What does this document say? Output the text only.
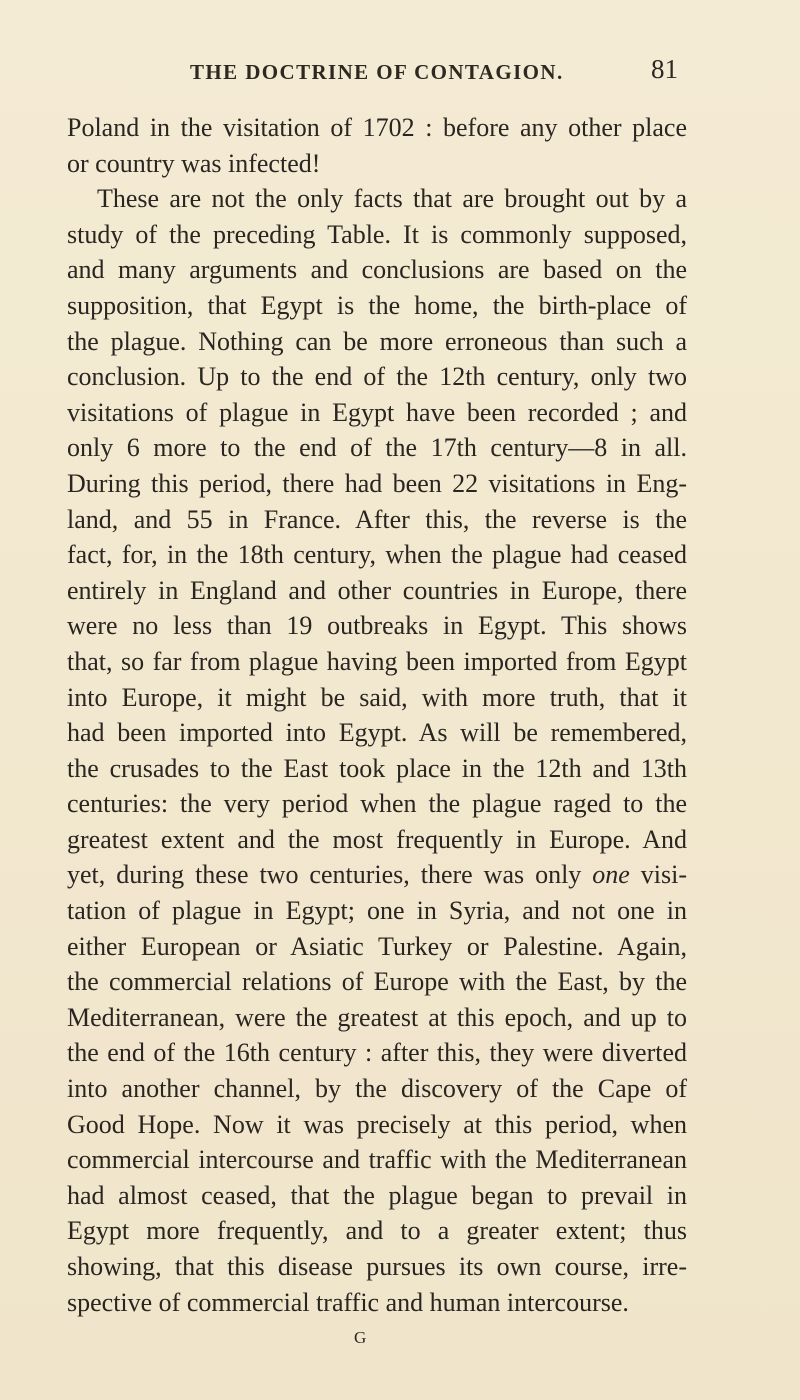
THE DOCTRINE OF CONTAGION.	81
Poland in the visitation of 1702 : before any other place
or country was infected!
These are not the only facts that are brought out by a
study of the preceding Table. It is commonly supposed,
and many arguments and conclusions are based on the
supposition, that Egypt is the home, the birth-place of
the plague. Nothing can be more erroneous than such a
conclusion. Up to the end of the 12th century, only two
visitations of plague in Egypt have been recorded ; and
only 6 more to the end of the 17th century—8 in all.
During this period, there had been 22 visitations in Eng-
land, and 55 in France. After this, the reverse is the
fact, for, in the 18th century, when the plague had ceased
entirely in England and other countries in Europe, there
were no less than 19 outbreaks in Egypt. This shows
that, so far from plague having been imported from Egypt
into Europe, it might be said, with more truth, that it
had been imported into Egypt. As will be remembered,
the crusades to the East took place in the 12th and 13th
centuries: the very period when the plague raged to the
greatest extent and the most frequently in Europe. And
yet, during these two centuries, there was only one visi-
tation of plague in Egypt; one in Syria, and not one in
either European or Asiatic Turkey or Palestine. Again,
the commercial relations of Europe with the East, by the
Mediterranean, were the greatest at this epoch, and up to
the end of the 16th century : after this, they were diverted
into another channel, by the discovery of the Cape of
Good Hope. Now it was precisely at this period, when
commercial intercourse and traffic with the Mediterranean
had almost ceased, that the plague began to prevail in
Egypt more frequently, and to a greater extent; thus
showing, that this disease pursues its own course, irre-
spective of commercial traffic and human intercourse.
G
